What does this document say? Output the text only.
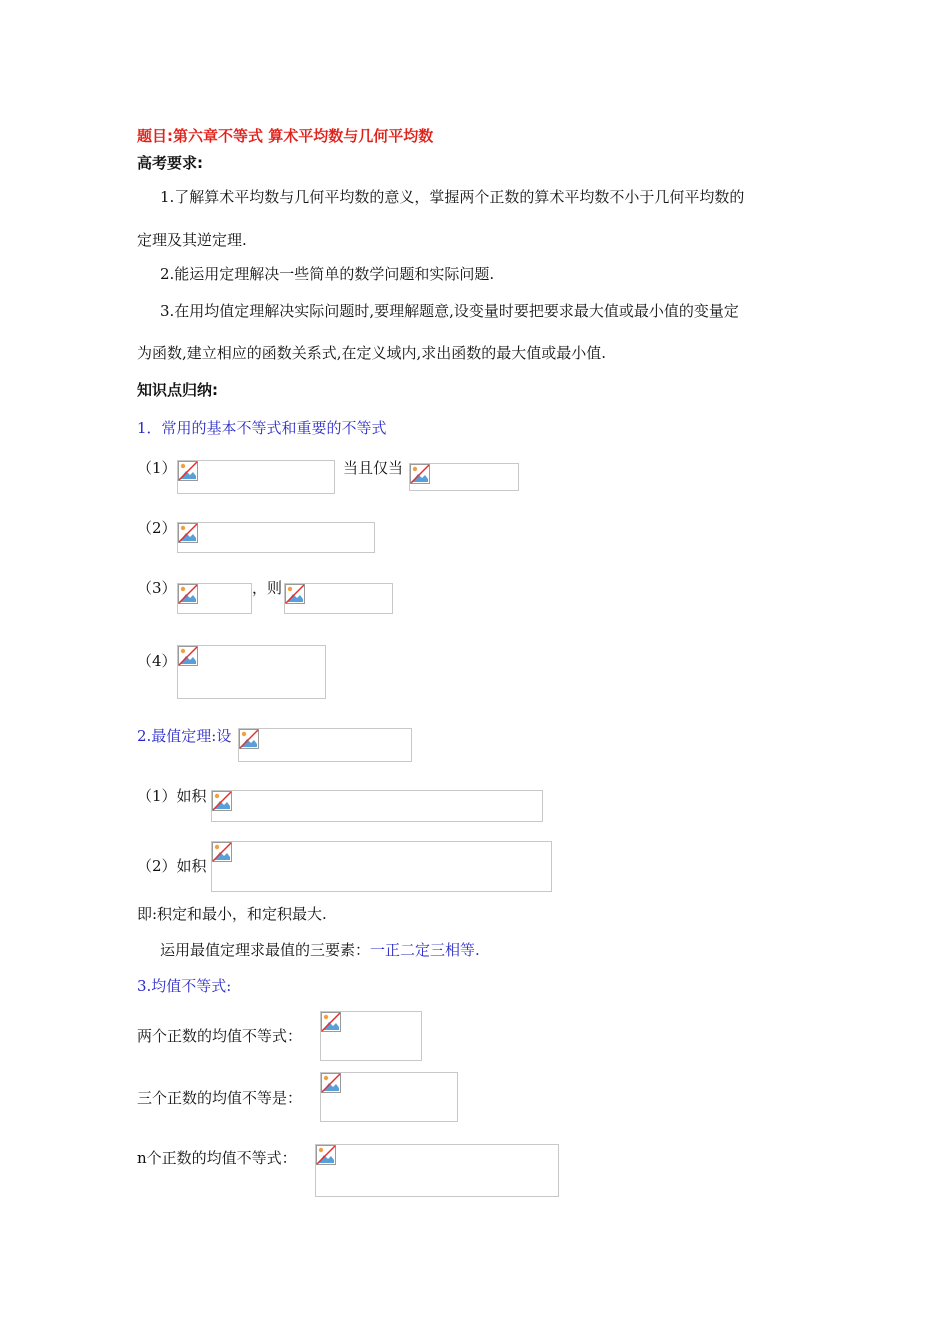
题目:第六章不等式 算术平均数与几何平均数
高考要求:
1.了解算术平均数与几何平均数的意义，掌握两个正数的算术平均数不小于几何平均数的
定理及其逆定理.
2.能运用定理解决一些简单的数学问题和实际问题.
3.在用均值定理解决实际问题时,要理解题意,设变量时要把要求最大值或最小值的变量定
为函数,建立相应的函数关系式,在定义域内,求出函数的最大值或最小值.
知识点归纳:
1．常用的基本不等式和重要的不等式
（1）	当且仅当
（2）
（3）	，则
（4）
2.最值定理:设
（1）如积
（2）如积
即:积定和最小，和定积最大.
运用最值定理求最值的三要素：一正二定三相等.
3.均值不等式:
两个正数的均值不等式：
三个正数的均值不等是：
n个正数的均值不等式：
